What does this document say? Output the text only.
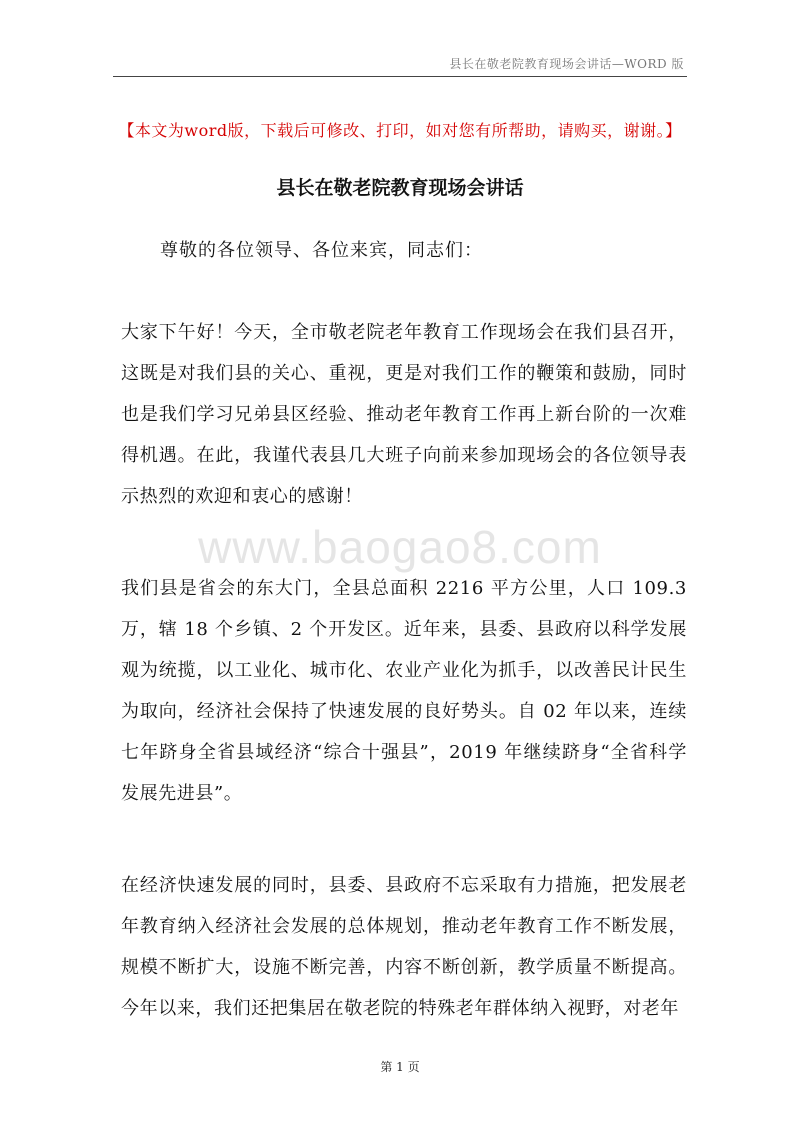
县长在敬老院教育现场会讲话—WORD 版
【本文为word版，下载后可修改、打印，如对您有所帮助，请购买，谢谢。】
县长在敬老院教育现场会讲话
尊敬的各位领导、各位来宾，同志们：

大家下午好！今天，全市敬老院老年教育工作现场会在我们县召开，这既是对我们县的关心、重视，更是对我们工作的鞭策和鼓励，同时也是我们学习兄弟县区经验、推动老年教育工作再上新台阶的一次难得机遇。在此，我谨代表县几大班子向前来参加现场会的各位领导表示热烈的欢迎和衷心的感谢！

我们县是省会的东大门，全县总面积 2216 平方公里，人口 109.3 万，辖 18 个乡镇、2 个开发区。近年来，县委、县政府以科学发展观为统揽，以工业化、城市化、农业产业化为抓手，以改善民计民生为取向，经济社会保持了快速发展的良好势头。自 02 年以来，连续七年跻身全省县域经济“综合十强县”，2019 年继续跻身“全省科学发展先进县”。

在经济快速发展的同时，县委、县政府不忘采取有力措施，把发展老年教育纳入经济社会发展的总体规划，推动老年教育工作不断发展，规模不断扩大，设施不断完善，内容不断创新，教学质量不断提高。今年以来，我们还把集居在敬老院的特殊老年群体纳入视野，对老年

www.baogao8.com
第 1 页
